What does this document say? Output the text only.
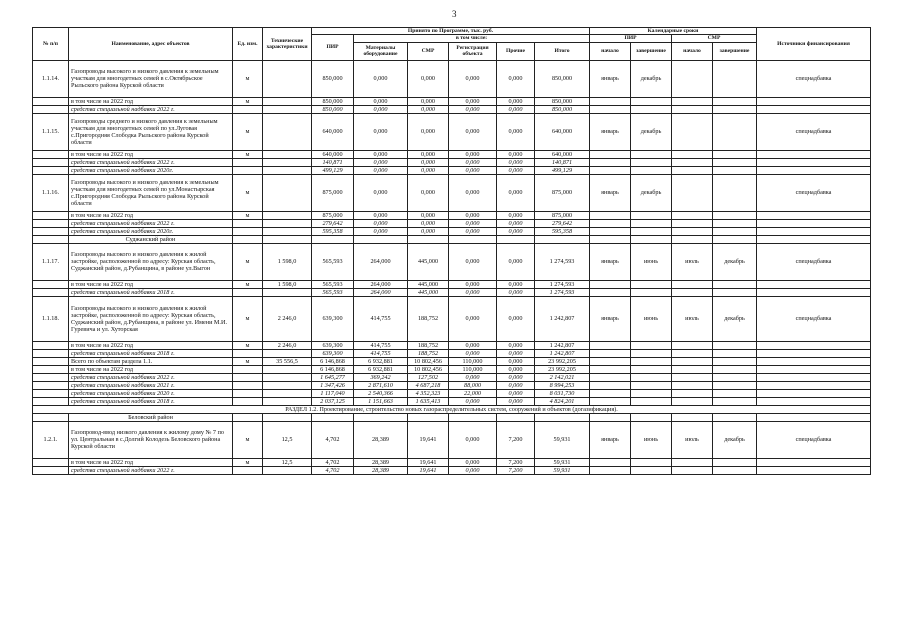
3
№ п/п	Наименование, адрес объектов	Ед. изм.	Технические характеристики	Принято по Программе, тыс. руб.						Календарные сроки				Источники финансирования
				ПИР	в том числе:					ПИР		СМР		
					Материалы оборудование	СМР	Регистрация объекта	Прочие	Итого	начало	завершение	начало	завершение	
1.1.14.	Газопроводы высокого и низкого давления к земельным участкам для многодетных семей в с.Октябрьское Рыльского района Курской области	м		850,000	0,000	0,000	0,000	0,000	850,000	январь	декабрь			спецнадбавка
	в том числе на 2022 год	м		850,000	0,000	0,000	0,000	0,000	850,000					
	средства специальной надбавки 2022 г.			850,000	0,000	0,000	0,000	0,000	850,000					
1.1.15.	Газопроводы среднего и низкого давления к земельным участкам для многодетных семей по ул.Луговая с.Пригородняя Слободка Рыльского района Курской области	м		640,000	0,000	0,000	0,000	0,000	640,000	январь	декабрь			спецнадбавка
	в том числе на 2022 год	м		640,000	0,000	0,000	0,000	0,000	640,000					
	средства специальной надбавки 2022 г.			140,871	0,000	0,000	0,000	0,000	140,871					
	средства специальной надбавки 2020г.			499,129	0,000	0,000	0,000	0,000	499,129					
1.1.16.	Газопроводы высокого и низкого давления к земельным участкам для многодетных семей по ул.Монастырская с.Пригородняя Слободка Рыльского района Курской области	м		875,000	0,000	0,000	0,000	0,000	875,000	январь	декабрь			спецнадбавка
	в том числе на 2022 год	м		875,000	0,000	0,000	0,000	0,000	875,000					
	средства специальной надбавки 2022 г.			279,642	0,000	0,000	0,000	0,000	279,642					
	средства специальной надбавки 2020г.			595,358	0,000	0,000	0,000	0,000	595,358					
	Суджанский район													
1.1.17.	Газопроводы высокого и низкого давления к жилой застройке, расположенной по адресу: Курская область, Суджанский район, д.Рубанщина, в районе ул.Выгон	м	1 598,0	565,593	264,000	445,000	0,000	0,000	1 274,593	январь	июнь	июль	декабрь	спецнадбавка
	в том числе на 2022 год	м	1 598,0	565,593	264,000	445,000	0,000	0,000	1 274,593					
	средства специальной надбавки 2018 г.			565,593	264,000	445,000	0,000	0,000	1 274,593					
1.1.18.	Газопроводы высокого и низкого давления к жилой застройке, расположенной по адресу: Курская область, Суджанский район, д.Рубанщина, в районе ул. Имени М.И. Гуревича и ул. Хуторская	м	2 246,0	639,300	414,755	188,752	0,000	0,000	1 242,807	январь	июнь	июль	декабрь	спецнадбавка
	в том числе на 2022 год	м	2 246,0	639,300	414,755	188,752	0,000	0,000	1 242,807					
	средства специальной надбавки 2018 г.			639,300	414,755	188,752	0,000	0,000	1 242,807					
	Всего по объектам раздела 1.1.	м	35 556,5	6 146,868	6 932,881	10 802,456	110,000	0,000	23 992,205					
	в том числе на 2022 год			6 146,868	6 932,881	10 802,456	110,000	0,000	23 992,205					
	средства специальной надбавки 2022 г.			1 645,277	369,242	127,502	0,000	0,000	2 142,021					
	средства специальной надбавки 2021 г.			1 347,426	2 871,610	4 687,218	88,000	0,000	8 994,253					
	средства специальной надбавки 2020 г.			1 117,040	2 540,366	4 352,323	22,000	0,000	8 031,730					
	средства специальной надбавки 2018 г.			2 037,125	1 151,663	1 635,413	0,000	0,000	4 824,201					
РАЗДЕЛ 1.2. Проектирование, строительство новых газораспределительных систем, сооружений и объектов (догазификация).														
	Беловский район													
1.2.1.	Газопровод-ввод низкого давления к жилому дому № 7 по ул. Центральная в с.Долгий Колодезь Беловского района Курской области	м	12,5	4,702	28,389	19,641	0,000	7,200	59,931	январь	июнь	июль	декабрь	спецнадбавка
	в том числе на 2022 год	м	12,5	4,702	28,389	19,641	0,000	7,200	59,931					
	средства специальной надбавки 2022 г.			4,702	28,389	19,641	0,000	7,200	59,931					
